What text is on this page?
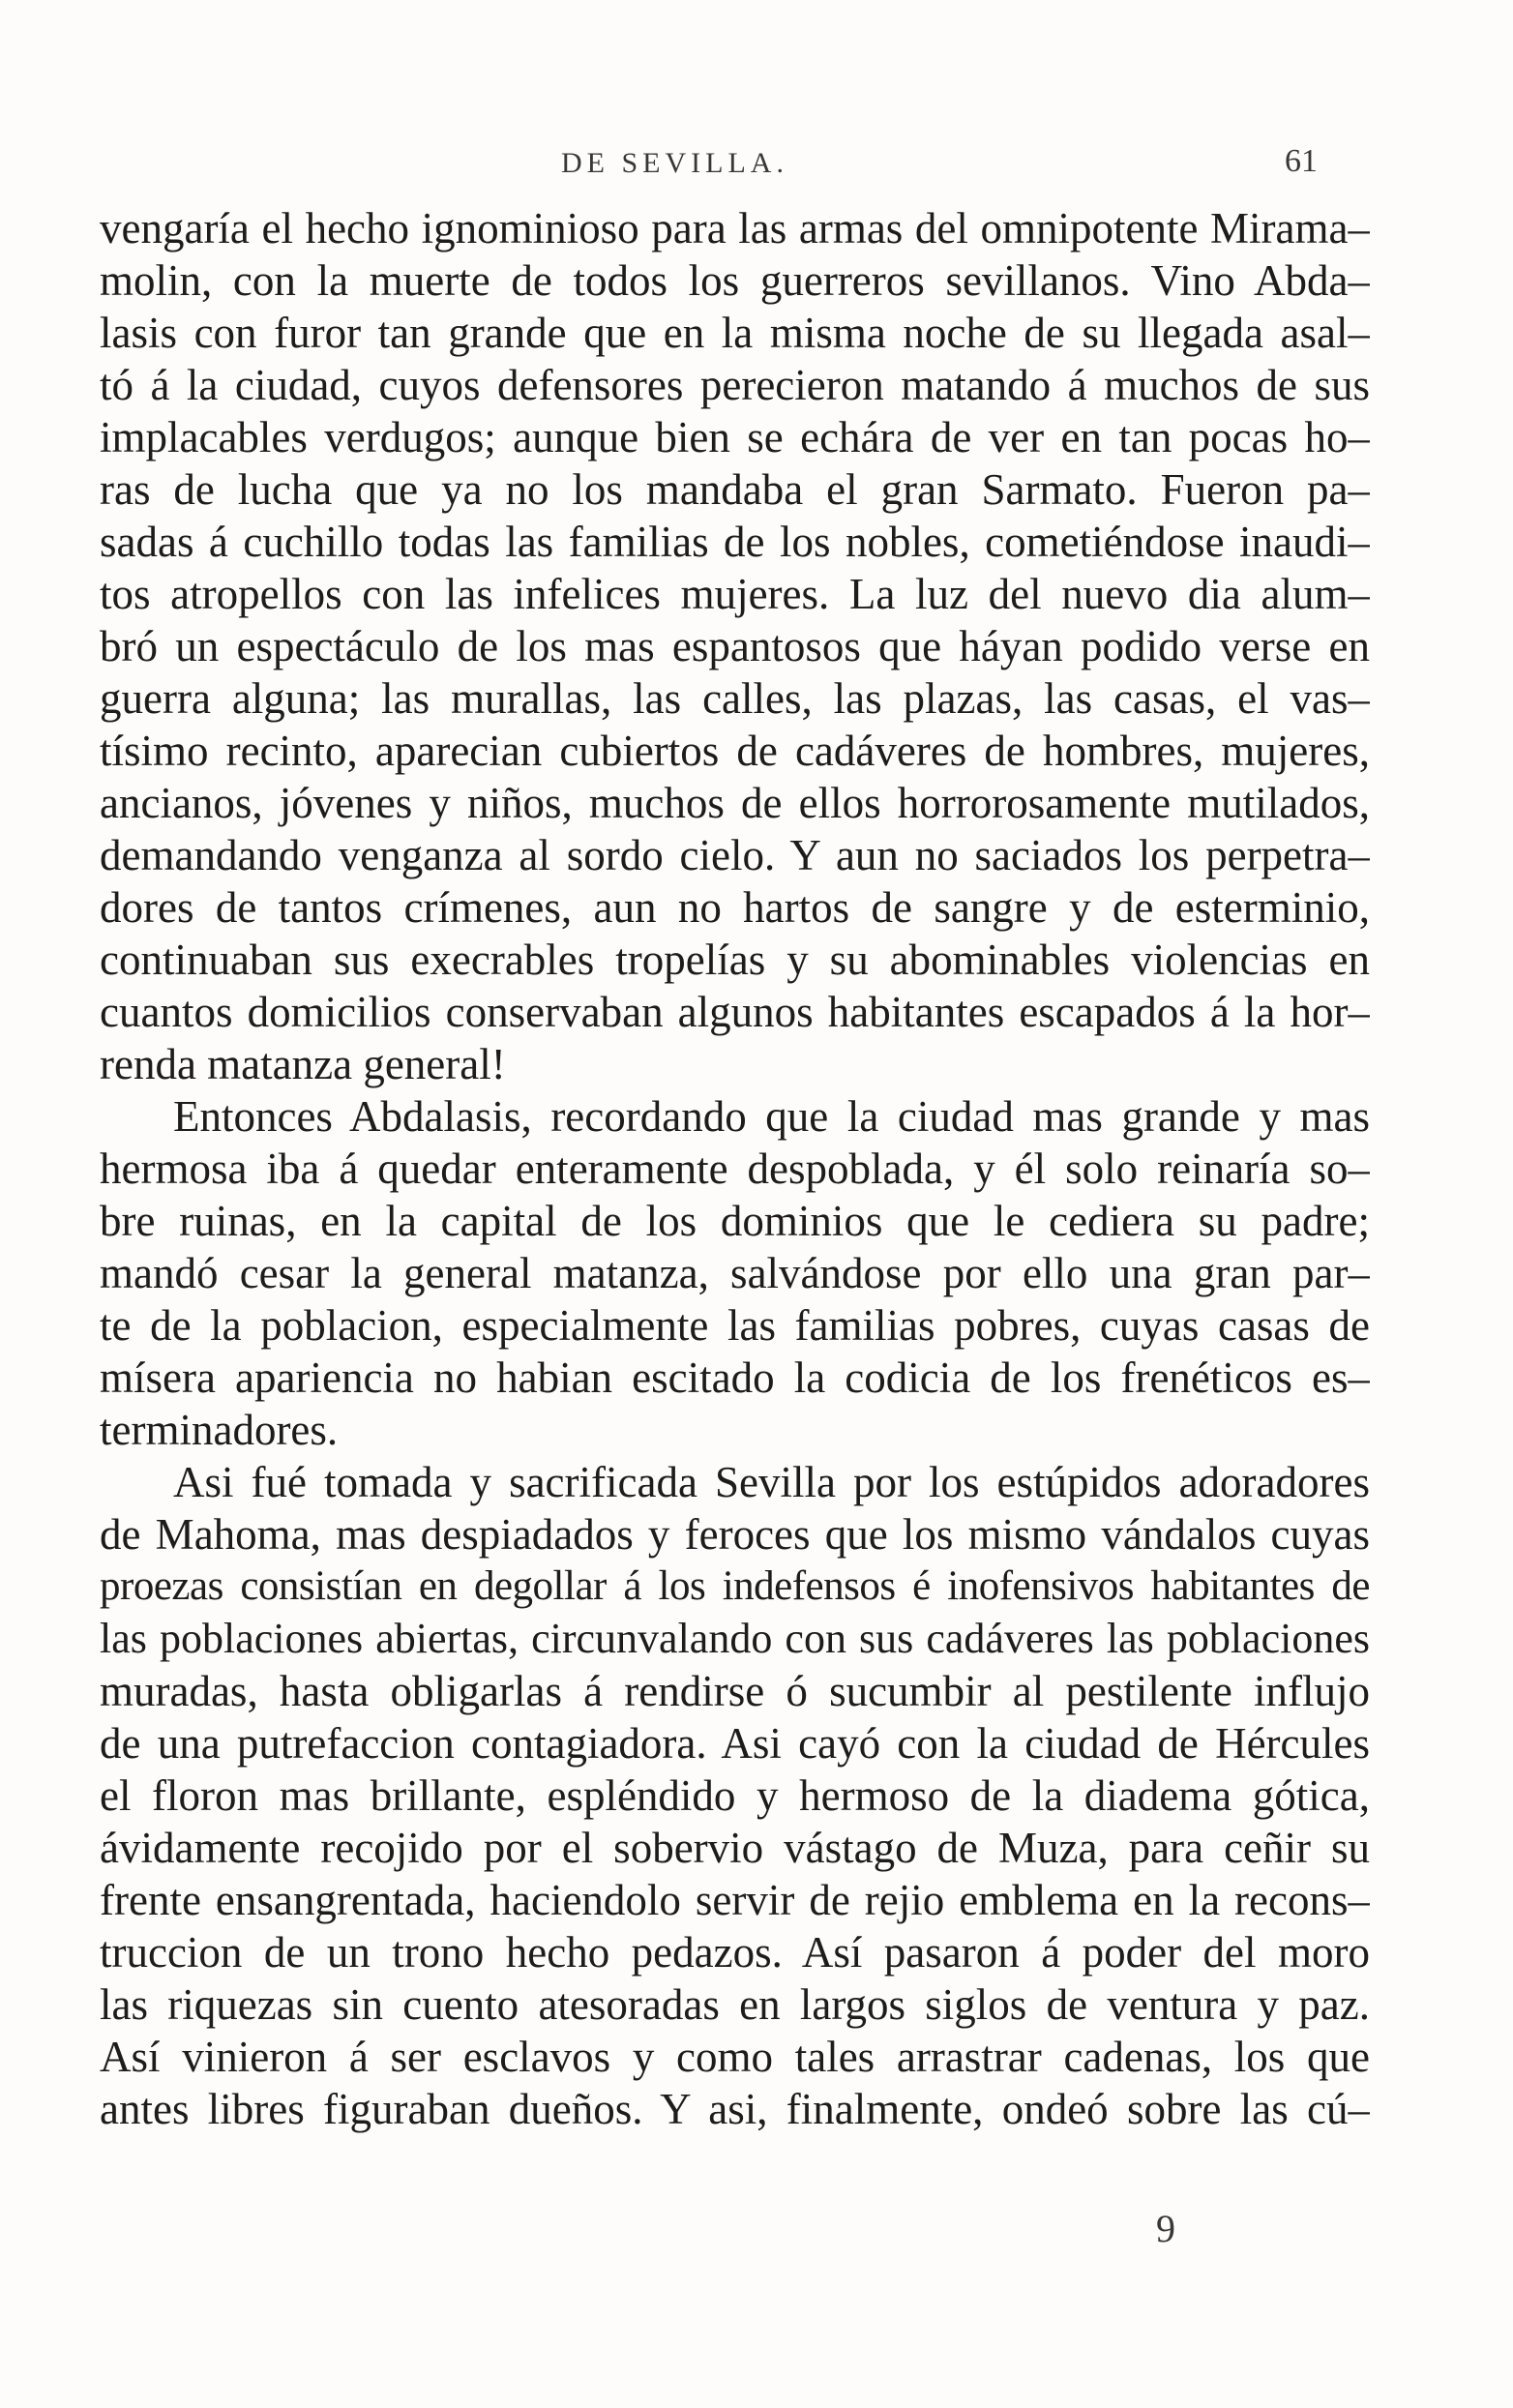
DE SEVILLA.	61
vengaría el hecho ignominioso para las armas del omnipotente Mirama–
molin, con la muerte de todos los guerreros sevillanos. Vino Abda–
lasis con furor tan grande que en la misma noche de su llegada asal–
tó á la ciudad, cuyos defensores perecieron matando á muchos de sus
implacables verdugos; aunque bien se echára de ver en tan pocas ho–
ras de lucha que ya no los mandaba el gran Sarmato. Fueron pa–
sadas á cuchillo todas las familias de los nobles, cometiéndose inaudi–
tos atropellos con las infelices mujeres. La luz del nuevo dia alum–
bró un espectáculo de los mas espantosos que háyan podido verse en
guerra alguna; las murallas, las calles, las plazas, las casas, el vas–
tísimo recinto, aparecian cubiertos de cadáveres de hombres, mujeres,
ancianos, jóvenes y niños, muchos de ellos horrorosamente mutilados,
demandando venganza al sordo cielo. Y aun no saciados los perpetra–
dores de tantos crímenes, aun no hartos de sangre y de esterminio,
continuaban sus execrables tropelías y su abominables violencias en
cuantos domicilios conservaban algunos habitantes escapados á la hor–
renda matanza general!
Entonces Abdalasis, recordando que la ciudad mas grande y mas
hermosa iba á quedar enteramente despoblada, y él solo reinaría so–
bre ruinas, en la capital de los dominios que le cediera su padre;
mandó cesar la general matanza, salvándose por ello una gran par–
te de la poblacion, especialmente las familias pobres, cuyas casas de
mísera apariencia no habian escitado la codicia de los frenéticos es–
terminadores.
Asi fué tomada y sacrificada Sevilla por los estúpidos adoradores
de Mahoma, mas despiadados y feroces que los mismo vándalos cuyas
proezas consistían en degollar á los indefensos é inofensivos habitantes de
las poblaciones abiertas, circunvalando con sus cadáveres las poblaciones
muradas, hasta obligarlas á rendirse ó sucumbir al pestilente influjo
de una putrefaccion contagiadora. Asi cayó con la ciudad de Hércules
el floron mas brillante, espléndido y hermoso de la diadema gótica,
ávidamente recojido por el sobervio vástago de Muza, para ceñir su
frente ensangrentada, haciendolo servir de rejio emblema en la recons–
truccion de un trono hecho pedazos. Así pasaron á poder del moro
las riquezas sin cuento atesoradas en largos siglos de ventura y paz.
Así vinieron á ser esclavos y como tales arrastrar cadenas, los que
antes libres figuraban dueños. Y asi, finalmente, ondeó sobre las cú–
9
